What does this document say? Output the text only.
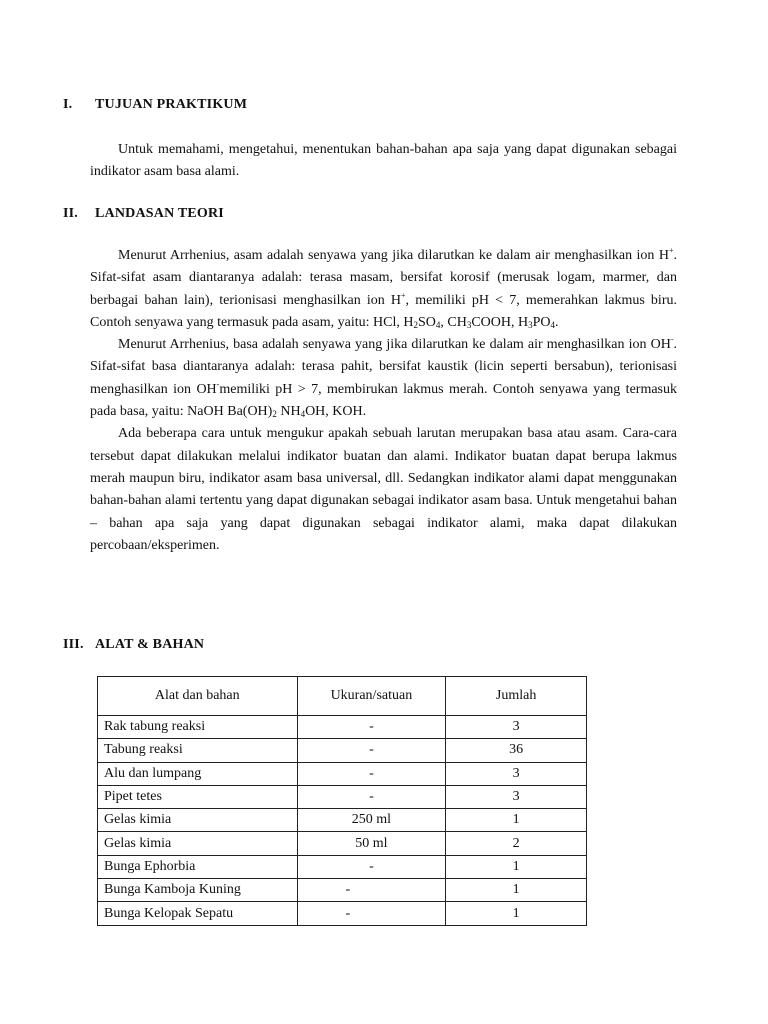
I. TUJUAN PRAKTIKUM

Untuk memahami, mengetahui, menentukan bahan-bahan apa saja yang dapat digunakan sebagai indikator asam basa alami.

II. LANDASAN TEORI

Menurut Arrhenius, asam adalah senyawa yang jika dilarutkan ke dalam air menghasilkan ion H+. Sifat-sifat asam diantaranya adalah: terasa masam, bersifat korosif (merusak logam, marmer, dan berbagai bahan lain), terionisasi menghasilkan ion H+, memiliki pH < 7, memerahkan lakmus biru. Contoh senyawa yang termasuk pada asam, yaitu: HCl, $H_2SO_4$, $CH_3COOH$, $H_3PO_4$.

Menurut Arrhenius, basa adalah senyawa yang jika dilarutkan ke dalam air menghasilkan ion OH-. Sifat-sifat basa diantaranya adalah: terasa pahit, bersifat kaustik (licin seperti bersabun), terionisasi menghasilkan ion OH-memiliki pH > 7, membirukan lakmus merah. Contoh senyawa yang termasuk pada basa, yaitu: NaOH $Ba(OH)_2$ $NH_4OH$, KOH.

Ada beberapa cara untuk mengukur apakah sebuah larutan merupakan basa atau asam. Cara-cara tersebut dapat dilakukan melalui indikator buatan dan alami. Indikator buatan dapat berupa lakmus merah maupun biru, indikator asam basa universal, dll. Sedangkan indikator alami dapat menggunakan bahan-bahan alami tertentu yang dapat digunakan sebagai indikator asam basa. Untuk mengetahui bahan – bahan apa saja yang dapat digunakan sebagai indikator alami, maka dapat dilakukan percobaan/eksperimen.

III. ALAT & BAHAN
Alat dan bahan	Ukuran/satuan	Jumlah
Rak tabung reaksi	-	3
Tabung reaksi	-	36
Alu dan lumpang	-	3
Pipet tetes	-	3
Gelas kimia	250 ml	1
Gelas kimia	50 ml	2
Bunga Ephorbia	-	1
Bunga Kamboja Kuning	-	1
Bunga Kelopak Sepatu	-	1
